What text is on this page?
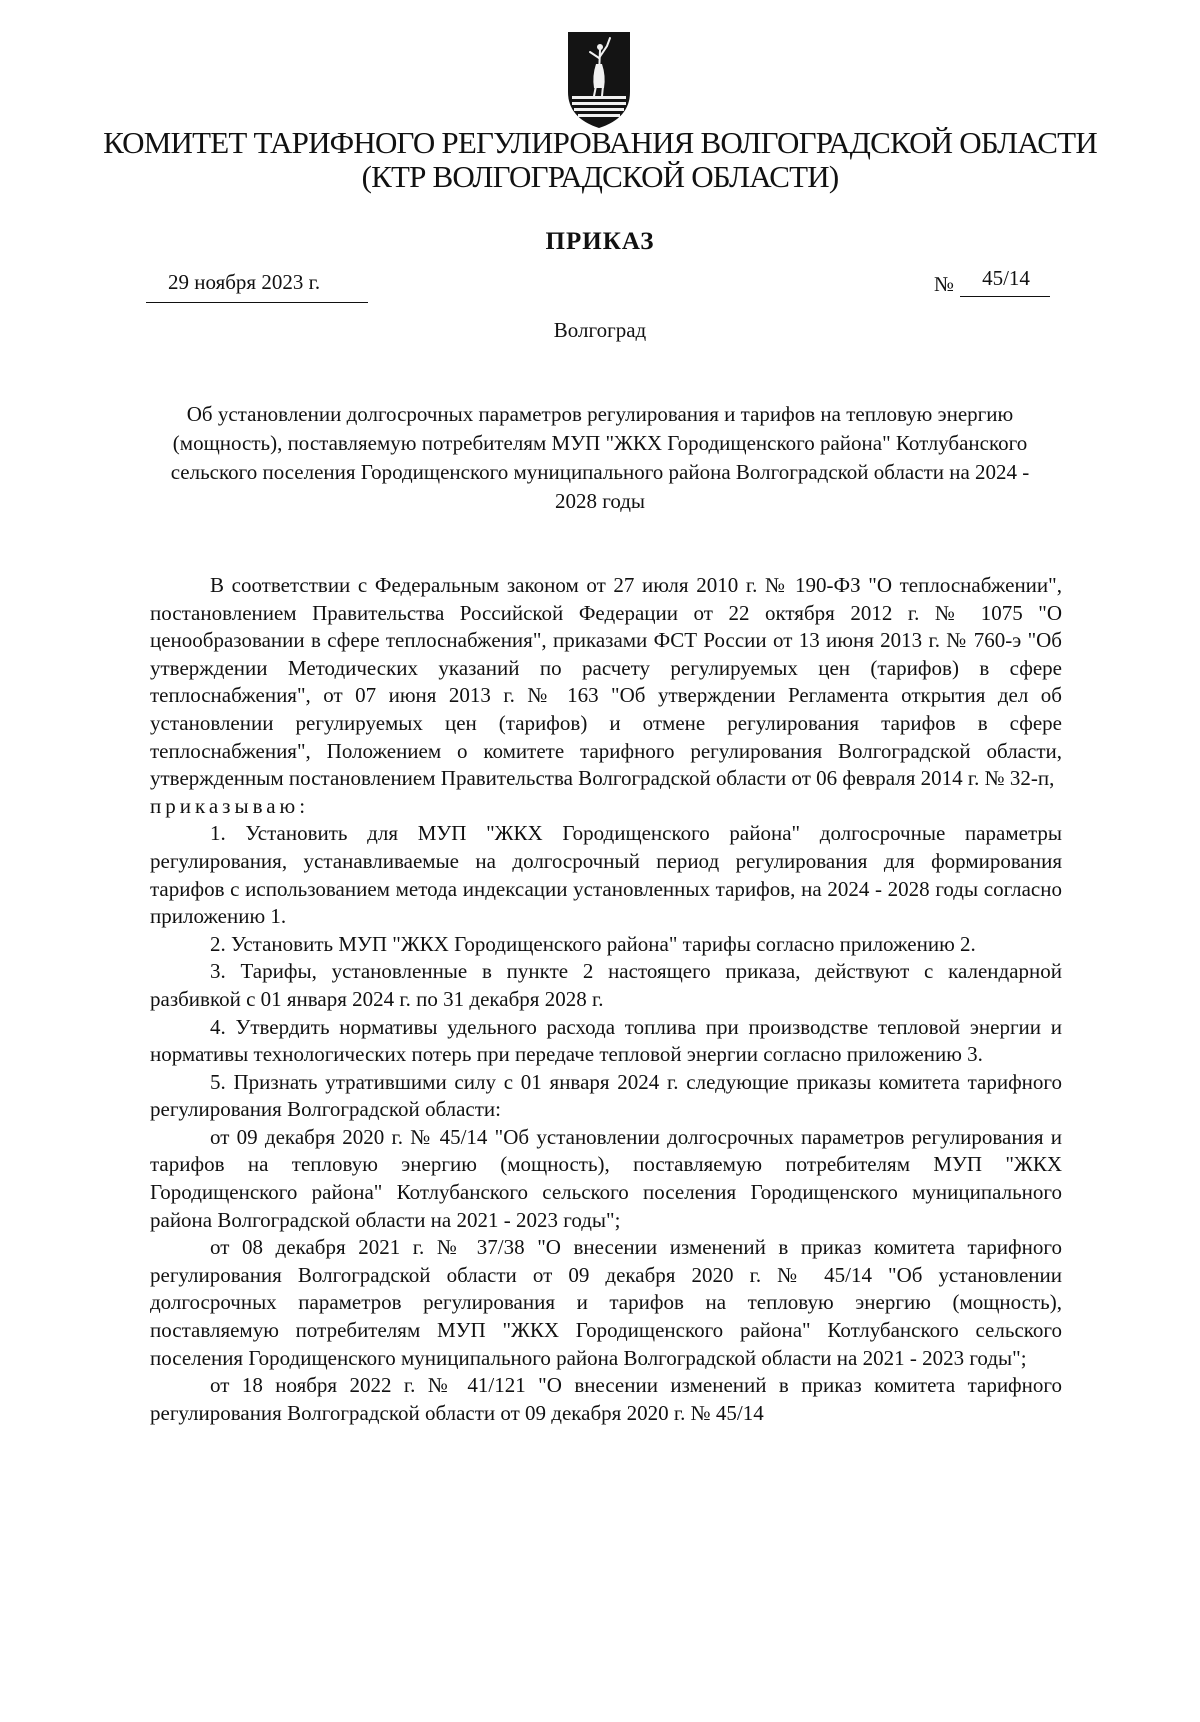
КОМИТЕТ ТАРИФНОГО РЕГУЛИРОВАНИЯ ВОЛГОГРАДСКОЙ ОБЛАСТИ
(КТР ВОЛГОГРАДСКОЙ ОБЛАСТИ)
ПРИКАЗ
29 ноября 2023 г.	№	45/14
Волгоград
Об установлении долгосрочных параметров регулирования и тарифов на тепловую энергию (мощность), поставляемую потребителям МУП "ЖКХ Городищенского района" Котлубанского сельского поселения Городищенского муниципального района Волгоградской области на 2024 - 2028 годы

В соответствии с Федеральным законом от 27 июля 2010 г. № 190-ФЗ "О теплоснабжении", постановлением Правительства Российской Федерации от 22 октября 2012 г. № 1075 "О ценообразовании в сфере теплоснабжения", приказами ФСТ России от 13 июня 2013 г. № 760-э "Об утверждении Методических указаний по расчету регулируемых цен (тарифов) в сфере теплоснабжения", от 07 июня 2013 г. № 163 "Об утверждении Регламента открытия дел об установлении регулируемых цен (тарифов) и отмене регулирования тарифов в сфере теплоснабжения", Положением о комитете тарифного регулирования Волгоградской области, утвержденным постановлением Правительства Волгоградской области от 06 февраля 2014 г. № 32-п,

приказываю:

1. Установить для МУП "ЖКХ Городищенского района" долгосрочные параметры регулирования, устанавливаемые на долгосрочный период регулирования для формирования тарифов с использованием метода индексации установленных тарифов, на 2024 - 2028 годы согласно приложению 1.

2. Установить МУП "ЖКХ Городищенского района" тарифы согласно приложению 2.

3. Тарифы, установленные в пункте 2 настоящего приказа, действуют с календарной разбивкой с 01 января 2024 г. по 31 декабря 2028 г.

4. Утвердить нормативы удельного расхода топлива при производстве тепловой энергии и нормативы технологических потерь при передаче тепловой энергии согласно приложению 3.

5. Признать утратившими силу с 01 января 2024 г. следующие приказы комитета тарифного регулирования Волгоградской области:

от 09 декабря 2020 г. № 45/14 "Об установлении долгосрочных параметров регулирования и тарифов на тепловую энергию (мощность), поставляемую потребителям МУП "ЖКХ Городищенского района" Котлубанского сельского поселения Городищенского муниципального района Волгоградской области на 2021 - 2023 годы";

от 08 декабря 2021 г. № 37/38 "О внесении изменений в приказ комитета тарифного регулирования Волгоградской области от 09 декабря 2020 г. № 45/14 "Об установлении долгосрочных параметров регулирования и тарифов на тепловую энергию (мощность), поставляемую потребителям МУП "ЖКХ Городищенского района" Котлубанского сельского поселения Городищенского муниципального района Волгоградской области на 2021 - 2023 годы";

от 18 ноября 2022 г. № 41/121 "О внесении изменений в приказ комитета тарифного регулирования Волгоградской области от 09 декабря 2020 г. № 45/14
